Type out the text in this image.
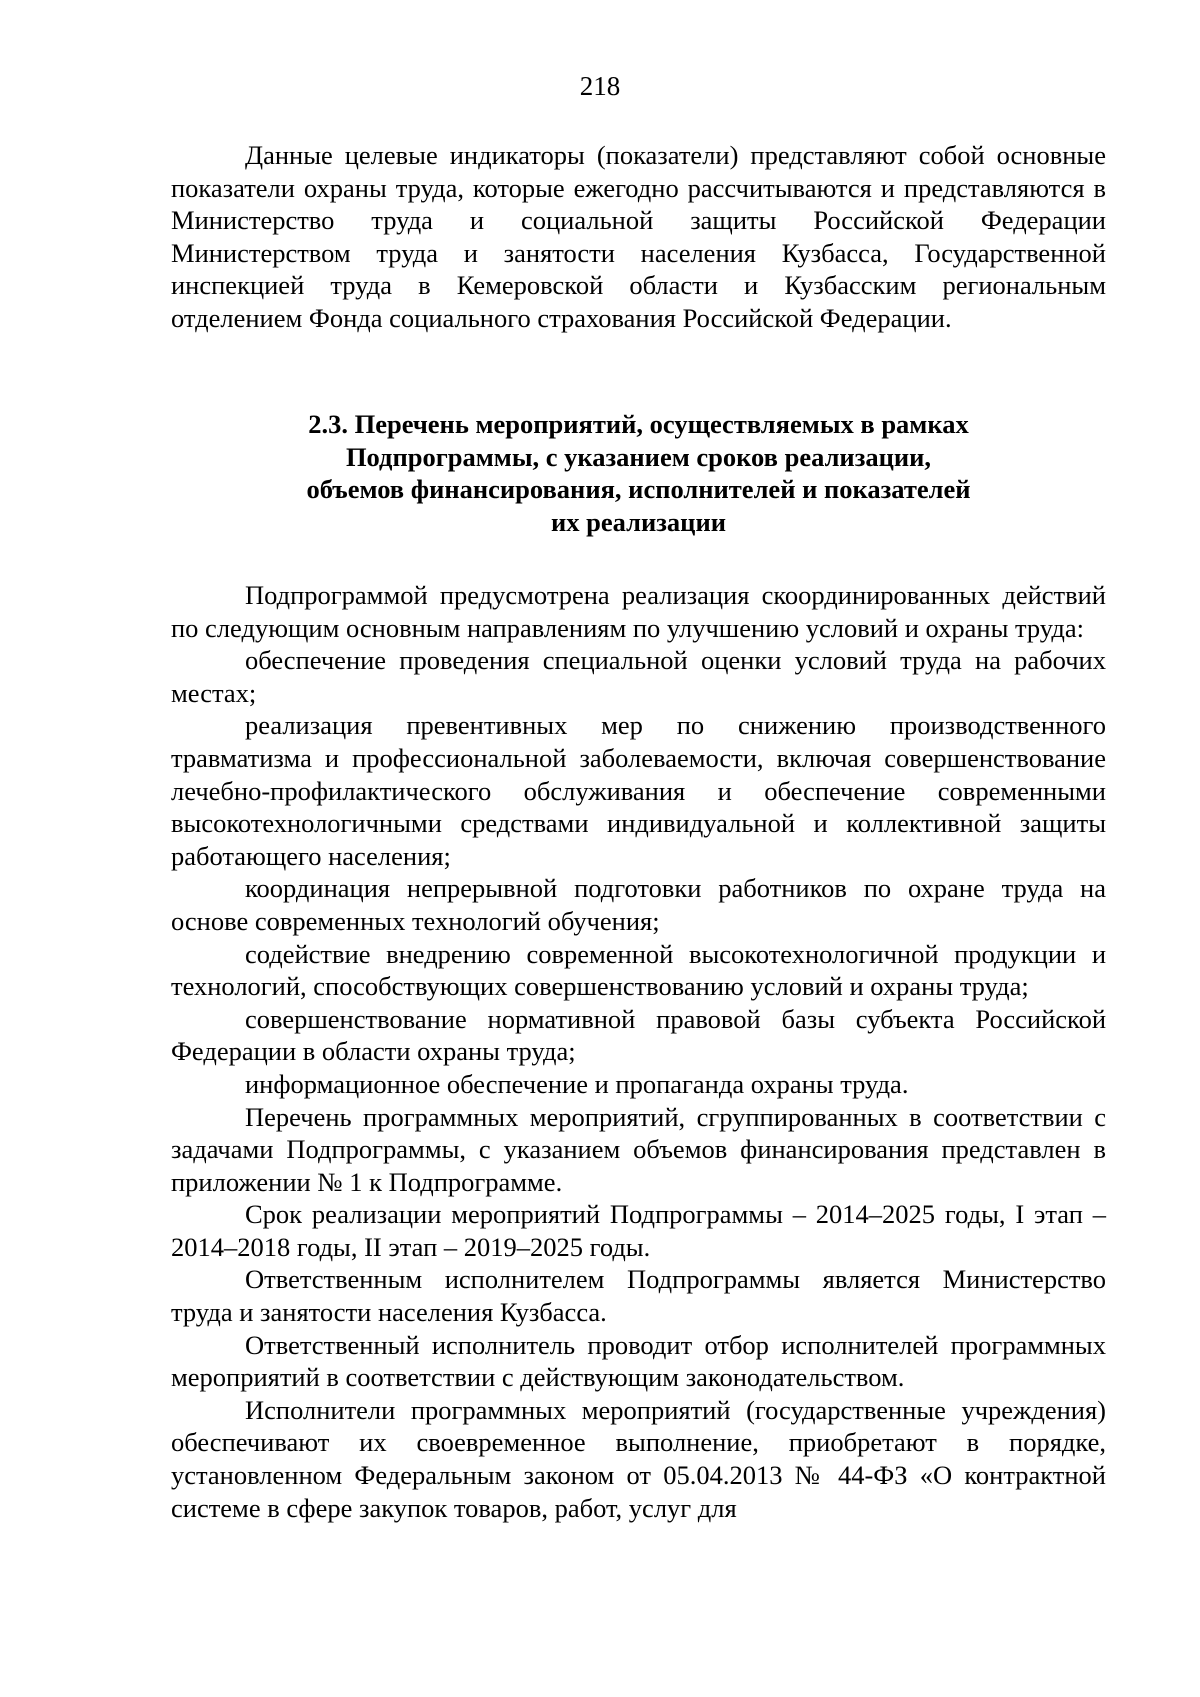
218

Данные целевые индикаторы (показатели) представляют собой основные показатели охраны труда, которые ежегодно рассчитываются и представляются в Министерство труда и социальной защиты Российской Федерации Министерством труда и занятости населения Кузбасса, Государственной инспекцией труда в Кемеровской области и Кузбасским региональным отделением Фонда социального страхования Российской Федерации.

2.3. Перечень мероприятий, осуществляемых в рамках
Подпрограммы, с указанием сроков реализации,
объемов финансирования, исполнителей и показателей
их реализации

Подпрограммой предусмотрена реализация скоординированных действий по следующим основным направлениям по улучшению условий и охраны труда:

обеспечение проведения специальной оценки условий труда на рабочих местах;

реализация превентивных мер по снижению производственного травматизма и профессиональной заболеваемости, включая совершенствование лечебно-профилактического обслуживания и обеспечение современными высокотехнологичными средствами индивидуальной и коллективной защиты работающего населения;

координация непрерывной подготовки работников по охране труда на основе современных технологий обучения;

содействие внедрению современной высокотехнологичной продукции и технологий, способствующих совершенствованию условий и охраны труда;

совершенствование нормативной правовой базы субъекта Российской Федерации в области охраны труда;

информационное обеспечение и пропаганда охраны труда.

Перечень программных мероприятий, сгруппированных в соответствии с задачами Подпрограммы, с указанием объемов финансирования представлен в приложении № 1 к Подпрограмме.

Срок реализации мероприятий Подпрограммы – 2014–2025 годы, I этап – 2014–2018 годы, II этап – 2019–2025 годы.

Ответственным исполнителем Подпрограммы является Министерство труда и занятости населения Кузбасса.

Ответственный исполнитель проводит отбор исполнителей программных мероприятий в соответствии с действующим законодательством.

Исполнители программных мероприятий (государственные учреждения) обеспечивают их своевременное выполнение, приобретают в порядке, установленном Федеральным законом от 05.04.2013 № 44-ФЗ «О контрактной системе в сфере закупок товаров, работ, услуг для
